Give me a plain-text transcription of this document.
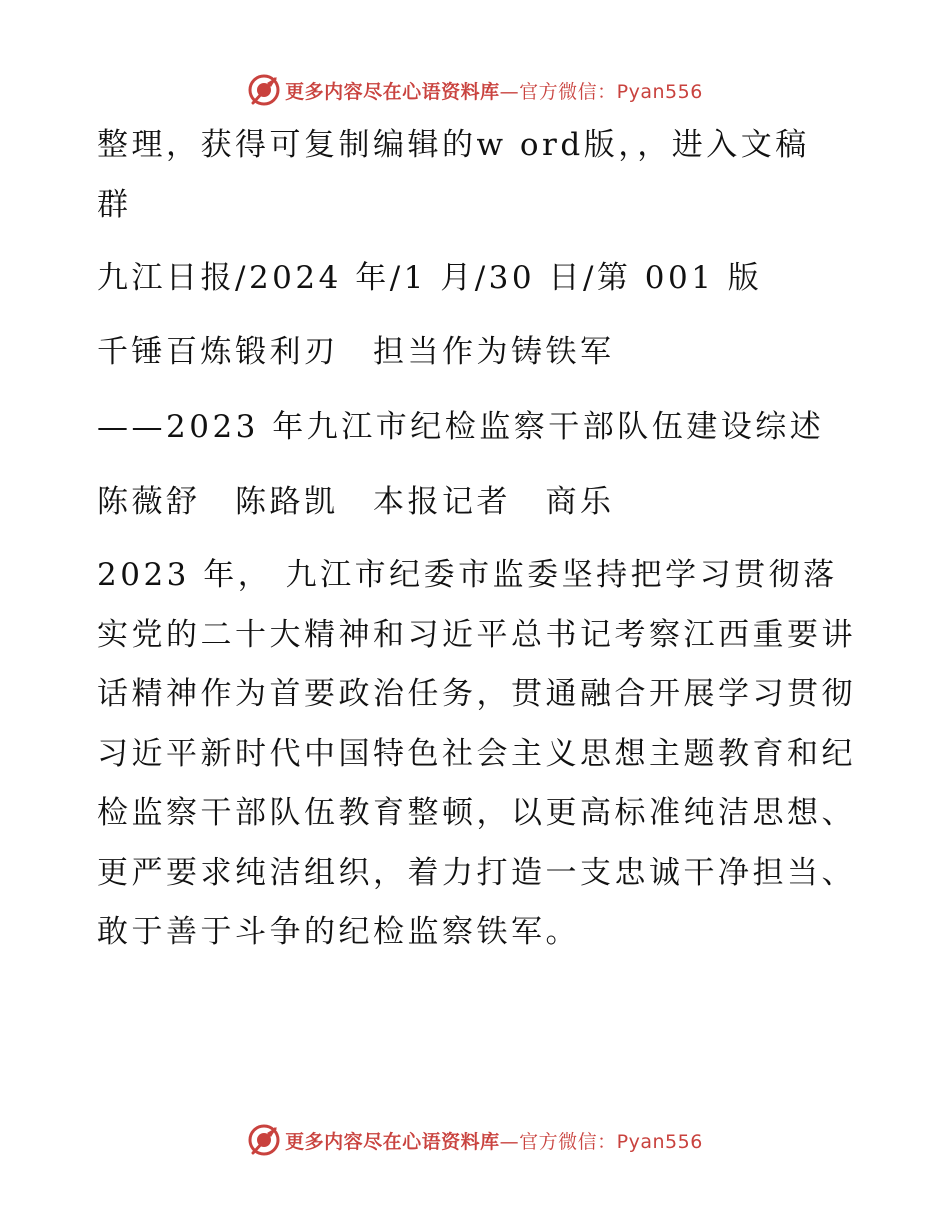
更多内容尽在心语资料库—官方微信：Pyan556
整理，获得可复制编辑的w ord版，，进入文稿
群
九江日报/2024 年/1 月/30 日/第 001 版
千锤百炼锻利刃　担当作为铸铁军
——2023 年九江市纪检监察干部队伍建设综述
陈薇舒　陈路凯　本报记者　商乐
2023 年， 九江市纪委市监委坚持把学习贯彻落
实党的二十大精神和习近平总书记考察江西重要讲
话精神作为首要政治任务，贯通融合开展学习贯彻
习近平新时代中国特色社会主义思想主题教育和纪
检监察干部队伍教育整顿，以更高标准纯洁思想、
更严要求纯洁组织，着力打造一支忠诚干净担当、
敢于善于斗争的纪检监察铁军。
更多内容尽在心语资料库—官方微信：Pyan556
